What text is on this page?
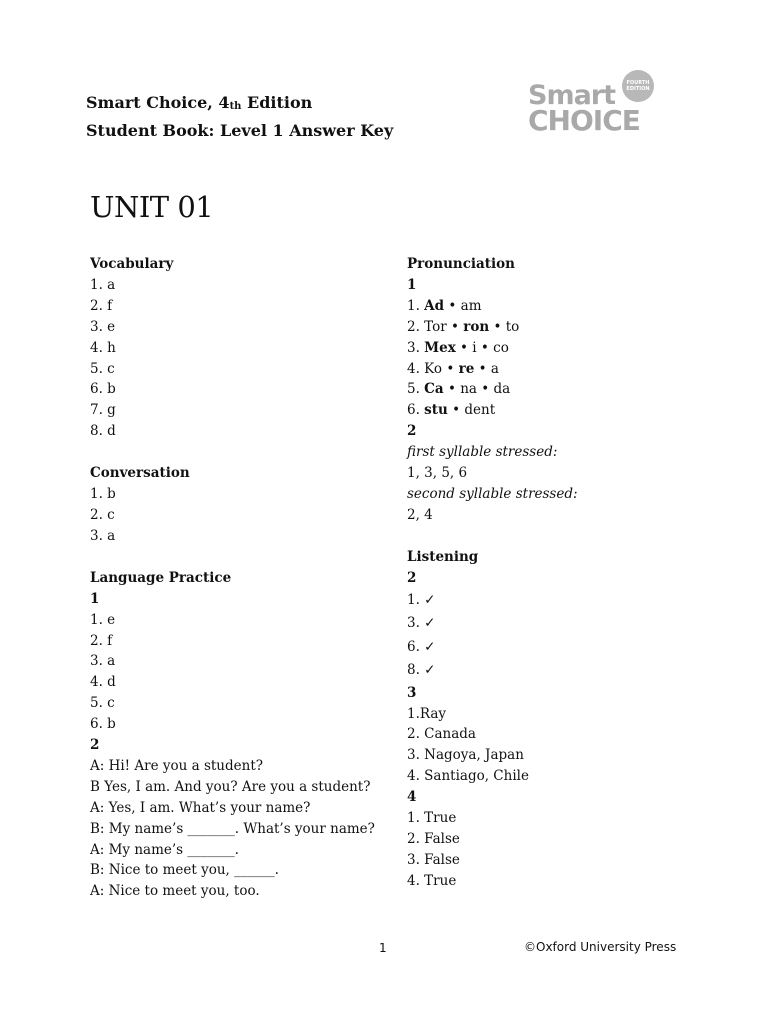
Smart Choice, $4_{th}$ Edition
Student Book: Level 1 Answer Key
FOURTH
EDITION
Smart
CHOICE
UNIT 01
Vocabulary
1. a
2. f
3. e
4. h
5. c
6. b
7. g
8. d
Conversation
1. b
2. c
3. a
Language Practice
1
1. e
2. f
3. a
4. d
5. c
6. b
2
A: Hi! Are you a student?
B Yes, I am. And you? Are you a student?
A: Yes, I am. What’s your name?
B: My name’s _______. What’s your name?
A: My name’s _______.
B: Nice to meet you, ______.
A: Nice to meet you, too.
Pronunciation
1
1. Ad • am
2. Tor • ron • to
3. Mex • i • co
4. Ko • re • a
5. Ca • na • da
6. stu • dent
2
first syllable stressed:
1, 3, 5, 6
second syllable stressed:
2, 4
Listening
2
1. ✓
3. ✓
6. ✓
8. ✓
3
1.Ray
2. Canada
3. Nagoya, Japan
4. Santiago, Chile
4
1. True
2. False
3. False
4. True
1	©Oxford University Press
